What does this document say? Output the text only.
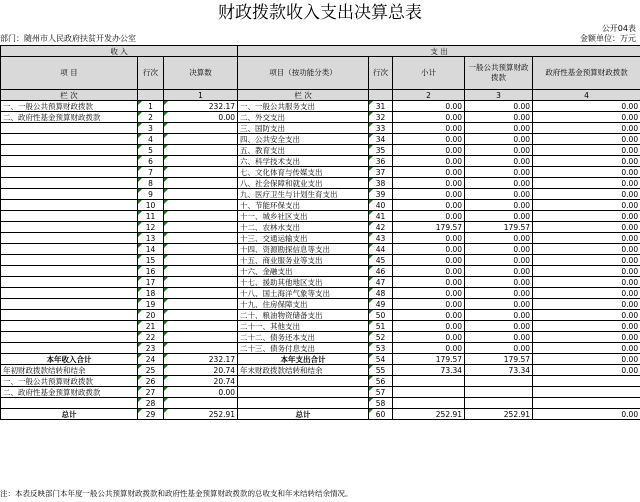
财政拨款收入支出决算总表
公开04表
部门：随州市人民政府扶贫开发办公室	金额单位：万元
收 入			支 出				
项 目	行次	决算数	项目（按功能分类）	行次	小计	一般公共预算财政拨款	政府性基金预算财政拨款
栏 次		1	栏 次		2	3	4
一、一般公共预算财政拨款	1	232.17	一、一般公共服务支出	31	0.00	0.00	0.00
二、政府性基金预算财政拨款	2	0.00	二、外交支出	32	0.00	0.00	0.00
	3		三、国防支出	33	0.00	0.00	0.00
	4		四、公共安全支出	34	0.00	0.00	0.00
	5		五、教育支出	35	0.00	0.00	0.00
	6		六、科学技术支出	36	0.00	0.00	0.00
	7		七、文化体育与传媒支出	37	0.00	0.00	0.00
	8		八、社会保障和就业支出	38	0.00	0.00	0.00
	9		九、医疗卫生与计划生育支出	39	0.00	0.00	0.00
	10		十、节能环保支出	40	0.00	0.00	0.00
	11		十一、城乡社区支出	41	0.00	0.00	0.00
	12		十二、农林水支出	42	179.57	179.57	0.00
	13		十三、交通运输支出	43	0.00	0.00	0.00
	14		十四、资源勘探信息等支出	44	0.00	0.00	0.00
	15		十五、商业服务业等支出	45	0.00	0.00	0.00
	16		十六、金融支出	46	0.00	0.00	0.00
	17		十七、援助其他地区支出	47	0.00	0.00	0.00
	18		十八、国土海洋气象等支出	48	0.00	0.00	0.00
	19		十九、住房保障支出	49	0.00	0.00	0.00
	20		二十、粮油物资储备支出	50	0.00	0.00	0.00
	21		二十一、其他支出	51	0.00	0.00	0.00
	22		二十二、债务还本支出	52	0.00	0.00	0.00
	23		二十三、债务付息支出	53	0.00	0.00	0.00
本年收入合计	24	232.17	本年支出合计	54	179.57	179.57	0.00
年初财政拨款结转和结余	25	20.74	年末财政拨款结转和结余	55	73.34	73.34	0.00
一、一般公共预算财政拨款	26	20.74		56			
二、政府性基金预算财政拨款	27	0.00		57			
	28			58			
总计	29	252.91	总计	60	252.91	252.91	0.00
注：本表反映部门本年度一般公共预算财政拨款和政府性基金预算财政拨款的总收支和年末结转结余情况。
